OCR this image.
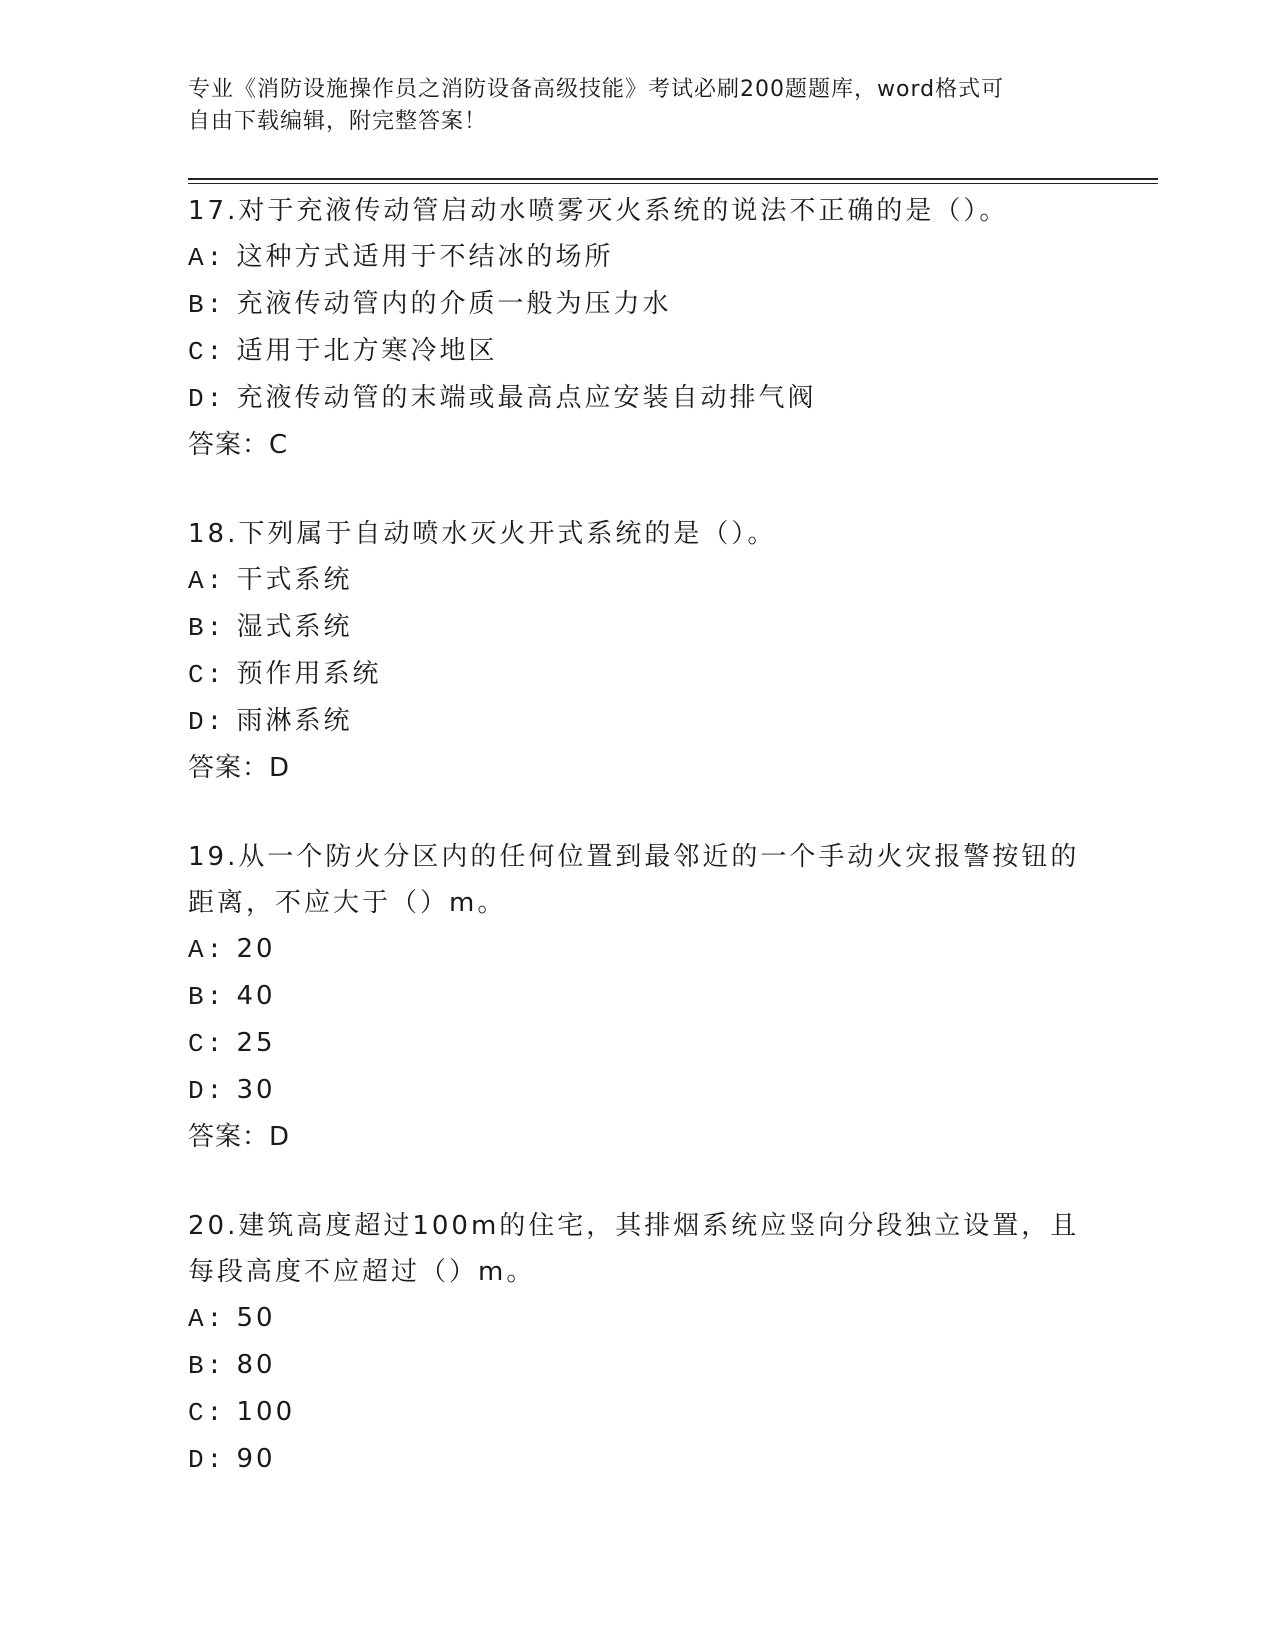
专业《消防设施操作员之消防设备高级技能》考试必刷200题题库，word格式可
自由下载编辑，附完整答案！
17.对于充液传动管启动水喷雾灭火系统的说法不正确的是（）。
A: 这种方式适用于不结冰的场所
B: 充液传动管内的介质一般为压力水
C: 适用于北方寒冷地区
D: 充液传动管的末端或最高点应安装自动排气阀
答案：C
18.下列属于自动喷水灭火开式系统的是（）。
A: 干式系统
B: 湿式系统
C: 预作用系统
D: 雨淋系统
答案：D
19.从一个防火分区内的任何位置到最邻近的一个手动火灾报警按钮的距离，不应大于（）m。
A: 20
B: 40
C: 25
D: 30
答案：D
20.建筑高度超过100m的住宅，其排烟系统应竖向分段独立设置，且每段高度不应超过（）m。
A: 50
B: 80
C: 100
D: 90
